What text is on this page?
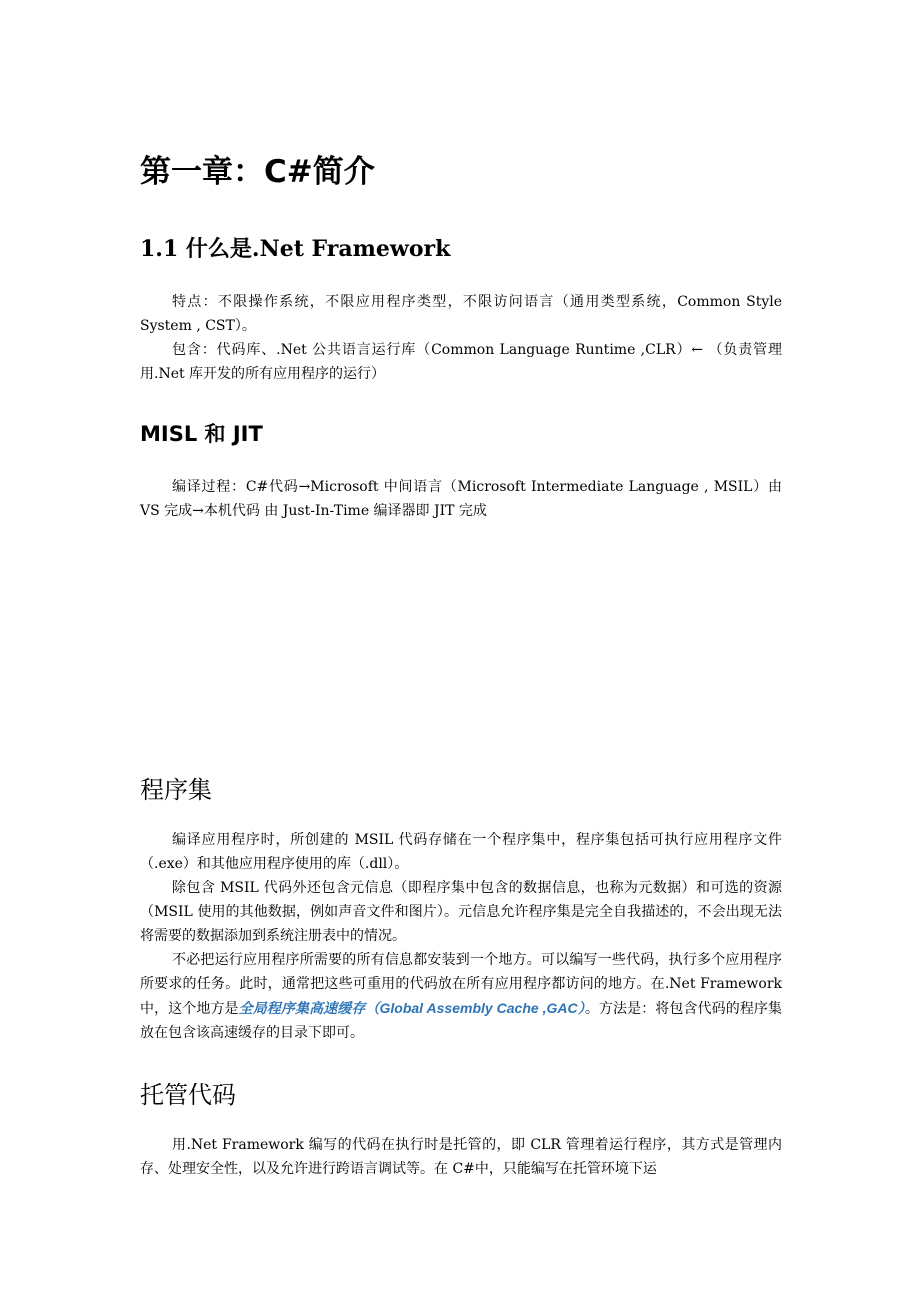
第一章：C#简介
1.1 什么是.Net Framework

特点：不限操作系统，不限应用程序类型，不限访问语言（通用类型系统，Common Style System , CST）。

包含：代码库、.Net 公共语言运行库（Common Language Runtime ,CLR）← （负责管理用.Net 库开发的所有应用程序的运行）

MISL 和 JIT

编译过程：C#代码→Microsoft 中间语言（Microsoft Intermediate Language , MSIL）由 VS 完成→本机代码 由 Just-In-Time 编译器即 JIT 完成

程序集

编译应用程序时，所创建的 MSIL 代码存储在一个程序集中，程序集包括可执行应用程序文件（.exe）和其他应用程序使用的库（.dll）。

除包含 MSIL 代码外还包含元信息（即程序集中包含的数据信息，也称为元数据）和可选的资源（MSIL 使用的其他数据，例如声音文件和图片）。元信息允许程序集是完全自我描述的，不会出现无法将需要的数据添加到系统注册表中的情况。

不必把运行应用程序所需要的所有信息都安装到一个地方。可以编写一些代码，执行多个应用程序所要求的任务。此时，通常把这些可重用的代码放在所有应用程序都访问的地方。在.Net Framework 中，这个地方是全局程序集高速缓存（Global Assembly Cache ,GAC）。方法是：将包含代码的程序集放在包含该高速缓存的目录下即可。

托管代码

用.Net Framework 编写的代码在执行时是托管的，即 CLR 管理着运行程序，其方式是管理内存、处理安全性，以及允许进行跨语言调试等。在 C#中，只能编写在托管环境下运
